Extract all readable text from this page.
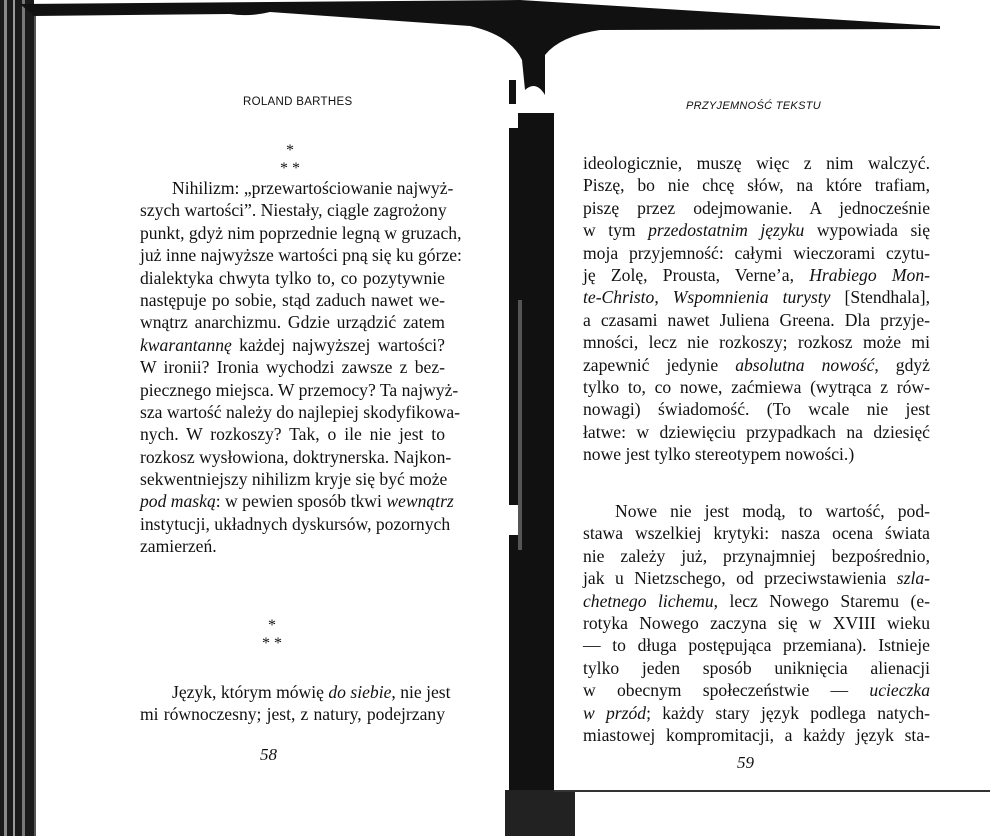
ROLAND BARTHES
*
* *
Nihilizm: „przewartościowanie najwyż-
szych wartości”. Niestały, ciągle zagrożony
punkt, gdyż nim poprzednie legną w gruzach,
już inne najwyższe wartości pną się ku górze:
dialektyka chwyta tylko to, co pozytywnie
następuje po sobie, stąd zaduch nawet we-
wnątrz anarchizmu. Gdzie urządzić zatem
kwarantannę każdej najwyższej wartości?
W ironii? Ironia wychodzi zawsze z bez-
piecznego miejsca. W przemocy? Ta najwyż-
sza wartość należy do najlepiej skodyfikowa-
nych. W rozkoszy? Tak, o ile nie jest to
rozkosz wysłowiona, doktrynerska. Najkon-
sekwentniejszy nihilizm kryje się być może
pod maską: w pewien sposób tkwi wewnątrz
instytucji, układnych dyskursów, pozornych
zamierzeń.
*
* *
Język, którym mówię do siebie, nie jest
mi równoczesny; jest, z natury, podejrzany
58
PRZYJEMNOŚĆ TEKSTU
ideologicznie, muszę więc z nim walczyć.
Piszę, bo nie chcę słów, na które trafiam,
piszę przez odejmowanie. A jednocześnie
w tym przedostatnim języku wypowiada się
moja przyjemność: całymi wieczorami czytu-
ję Zolę, Prousta, Verne’a, Hrabiego Mon-
te-Christo, Wspomnienia turysty [Stendhala],
a czasami nawet Juliena Greena. Dla przyje-
mności, lecz nie rozkoszy; rozkosz może mi
zapewnić jedynie absolutna nowość, gdyż
tylko to, co nowe, zaćmiewa (wytrąca z rów-
nowagi) świadomość. (To wcale nie jest
łatwe: w dziewięciu przypadkach na dziesięć
nowe jest tylko stereotypem nowości.)
Nowe nie jest modą, to wartość, pod-
stawa wszelkiej krytyki: nasza ocena świata
nie zależy już, przynajmniej bezpośrednio,
jak u Nietzschego, od przeciwstawienia szla-
chetnego lichemu, lecz Nowego Staremu (e-
rotyka Nowego zaczyna się w XVIII wieku
— to długa postępująca przemiana). Istnieje
tylko jeden sposób uniknięcia alienacji
w obecnym społeczeństwie — ucieczka
w przód; każdy stary język podlega natych-
miastowej kompromitacji, a każdy język sta-
59
